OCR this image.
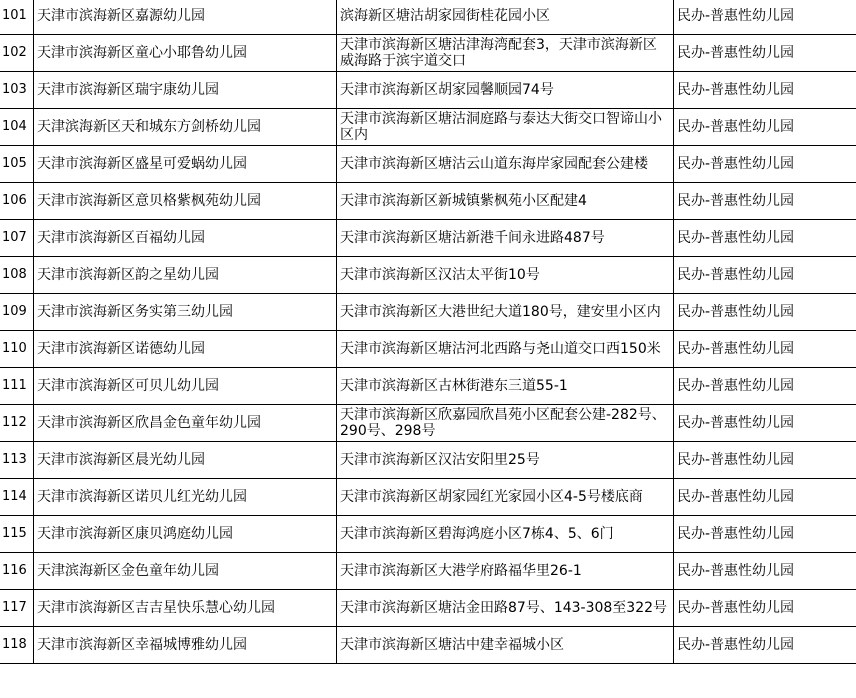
101	天津市滨海新区嘉源幼儿园	滨海新区塘沽胡家园街桂花园小区	民办-普惠性幼儿园
102	天津市滨海新区童心小耶鲁幼儿园	天津市滨海新区塘沽津海湾配套3，天津市滨海新区威海路于滨宇道交口	民办-普惠性幼儿园
103	天津市滨海新区瑞宇康幼儿园	天津市滨海新区胡家园馨顺园74号	民办-普惠性幼儿园
104	天津滨海新区天和城东方剑桥幼儿园	天津市滨海新区塘沽洞庭路与泰达大街交口智谛山小区内	民办-普惠性幼儿园
105	天津市滨海新区盛星可爱蜗幼儿园	天津市滨海新区塘沽云山道东海岸家园配套公建楼	民办-普惠性幼儿园
106	天津市滨海新区意贝格紫枫苑幼儿园	天津市滨海新区新城镇紫枫苑小区配建4	民办-普惠性幼儿园
107	天津市滨海新区百福幼儿园	天津市滨海新区塘沽新港千间永进路487号	民办-普惠性幼儿园
108	天津市滨海新区韵之星幼儿园	天津市滨海新区汉沽太平街10号	民办-普惠性幼儿园
109	天津市滨海新区务实第三幼儿园	天津市滨海新区大港世纪大道180号，建安里小区内	民办-普惠性幼儿园
110	天津市滨海新区诺德幼儿园	天津市滨海新区塘沽河北西路与尧山道交口西150米	民办-普惠性幼儿园
111	天津市滨海新区可贝儿幼儿园	天津市滨海新区古林街港东三道55-1	民办-普惠性幼儿园
112	天津市滨海新区欣昌金色童年幼儿园	天津市滨海新区欣嘉园欣昌苑小区配套公建-282号、290号、298号	民办-普惠性幼儿园
113	天津市滨海新区晨光幼儿园	天津市滨海新区汉沽安阳里25号	民办-普惠性幼儿园
114	天津市滨海新区诺贝儿红光幼儿园	天津市滨海新区胡家园红光家园小区4-5号楼底商	民办-普惠性幼儿园
115	天津市滨海新区康贝鸿庭幼儿园	天津市滨海新区碧海鸿庭小区7栋4、5、6门	民办-普惠性幼儿园
116	天津滨海新区金色童年幼儿园	天津市滨海新区大港学府路福华里26-1	民办-普惠性幼儿园
117	天津市滨海新区吉吉星快乐慧心幼儿园	天津市滨海新区塘沽金田路87号、143-308至322号	民办-普惠性幼儿园
118	天津市滨海新区幸福城博雅幼儿园	天津市滨海新区塘沽中建幸福城小区	民办-普惠性幼儿园
